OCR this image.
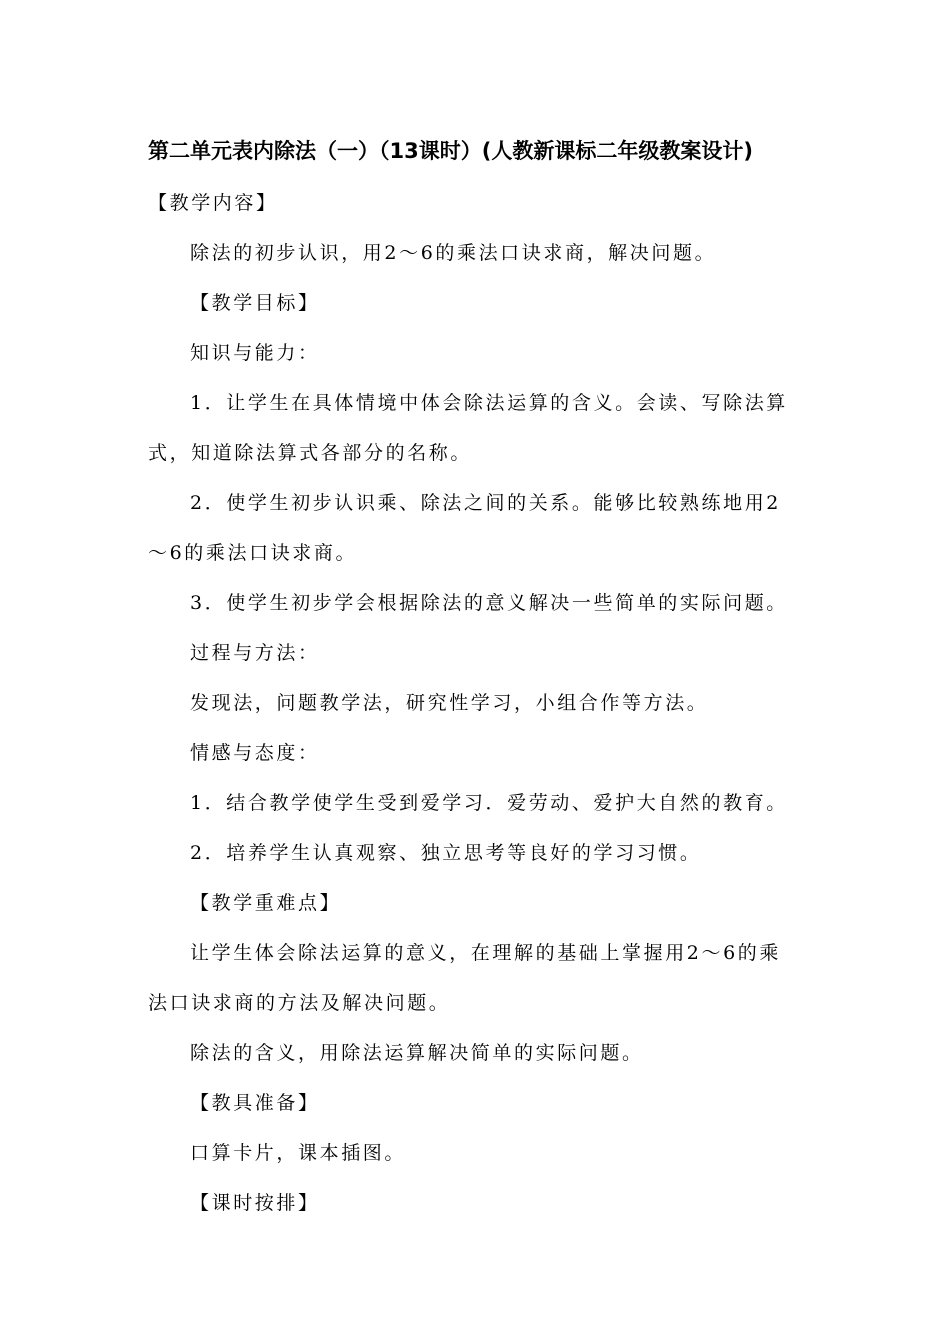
第二单元表内除法（一）（13课时）(人教新课标二年级教案设计)
【教学内容】
除法的初步认识，用2～6的乘法口诀求商，解决问题。
【教学目标】
知识与能力：
1．让学生在具体情境中体会除法运算的含义。会读、写除法算
式，知道除法算式各部分的名称。
2．使学生初步认识乘、除法之间的关系。能够比较熟练地用2
～6的乘法口诀求商。
3．使学生初步学会根据除法的意义解决一些简单的实际问题。
过程与方法：
发现法，问题教学法，研究性学习，小组合作等方法。
情感与态度：
1．结合教学使学生受到爱学习．爱劳动、爱护大自然的教育。
2．培养学生认真观察、独立思考等良好的学习习惯。
【教学重难点】
让学生体会除法运算的意义，在理解的基础上掌握用2～6的乘
法口诀求商的方法及解决问题。
除法的含义，用除法运算解决简单的实际问题。
【教具准备】
口算卡片，课本插图。
【课时按排】
